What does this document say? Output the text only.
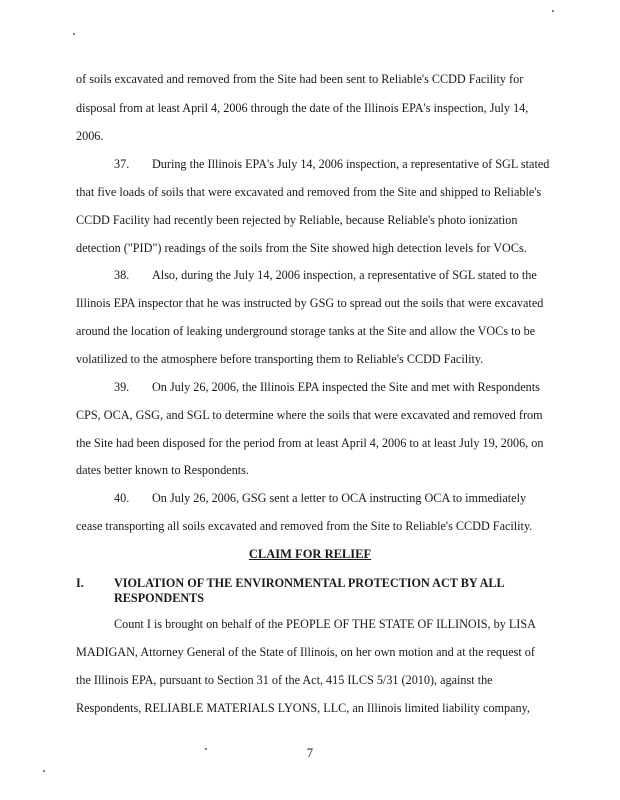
of soils excavated and removed from the Site had been sent to Reliable's CCDD Facility for
disposal from at least April 4, 2006 through the date of the Illinois EPA's inspection, July 14,
2006.
37. During the Illinois EPA's July 14, 2006 inspection, a representative of SGL stated
that five loads of soils that were excavated and removed from the Site and shipped to Reliable's
CCDD Facility had recently been rejected by Reliable, because Reliable's photo ionization
detection ("PID") readings of the soils from the Site showed high detection levels for VOCs.
38. Also, during the July 14, 2006 inspection, a representative of SGL stated to the
Illinois EPA inspector that he was instructed by GSG to spread out the soils that were excavated
around the location of leaking underground storage tanks at the Site and allow the VOCs to be
volatilized to the atmosphere before transporting them to Reliable's CCDD Facility.
39. On July 26, 2006, the Illinois EPA inspected the Site and met with Respondents
CPS, OCA, GSG, and SGL to determine where the soils that were excavated and removed from
the Site had been disposed for the period from at least April 4, 2006 to at least July 19, 2006, on
dates better known to Respondents.
40. On July 26, 2006, GSG sent a letter to OCA instructing OCA to immediately
cease transporting all soils excavated and removed from the Site to Reliable's CCDD Facility.
CLAIM FOR RELIEF
I. VIOLATION OF THE ENVIRONMENTAL PROTECTION ACT BY ALL
RESPONDENTS
Count I is brought on behalf of the PEOPLE OF THE STATE OF ILLINOIS, by LISA
MADIGAN, Attorney General of the State of Illinois, on her own motion and at the request of
the Illinois EPA, pursuant to Section 31 of the Act, 415 ILCS 5/31 (2010), against the
Respondents, RELIABLE MATERIALS LYONS, LLC, an Illinois limited liability company,
7
